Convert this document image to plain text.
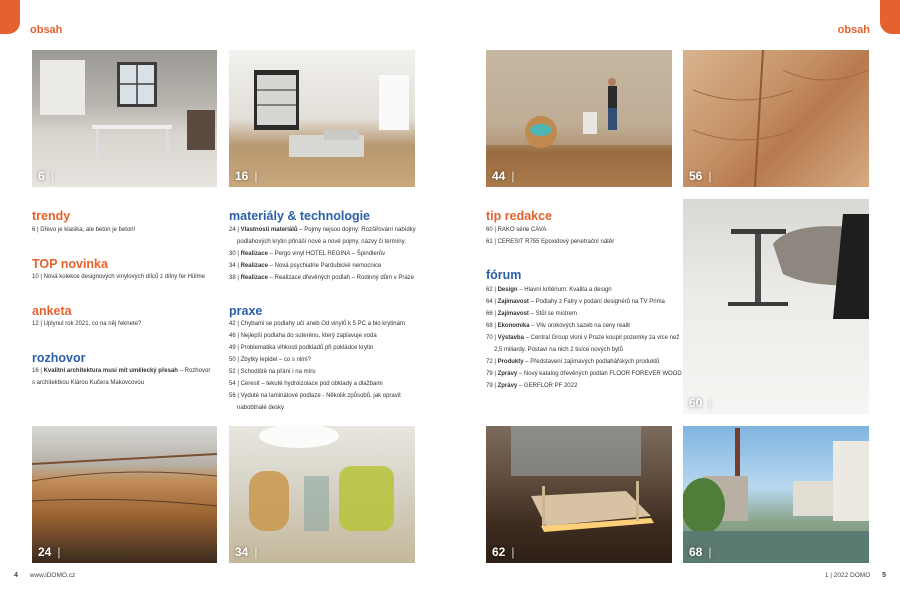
obsah	obsah
6 |	16 |	44 |	56 |
60 |
24 |	34 |	62 |	68 |
trendy
6 | Dřevo je klasika, ale beton je beton!
TOP novinka
10 | Nová kolekce designových vinylových dílců z dílny fer Hülme
anketa
12 | Uplynul rok 2021, co na něj řeknete?
rozhovor
16 | Kvalitní architektura musí mít umělecký přesah – Rozhovor
s architektkou Klárou Kučera Makovcovou
materiály & technologie
24 | Vlastnosti materiálů – Pojmy nejsou dojmy: Rozšiřování nabídky
podlahových krytin přináší nové a nové pojmy, názvy či termíny.
30 | Realizace – Pergo vinyl HOTEL REGINA – Špindlerův
34 | Realizace – Nová psychiatrie Pardubické nemocnice
38 | Realizace – Realizace dřevěných podlah – Rodinný dům v Praze
praxe
42 | Chybami se podlahy učí aneb Od vinylů k 5 PC a bio krytinám
46 | Nejlepší podlaha do suterénu, který zaplavuje voda
49 | Problematika vlhkosti podkladů při pokládce krytin
50 | Zbytky lepidel – co s nimi?
52 | Schodiště na přání i na míru
54 | Ceresit – tekuté hydroizolace pod obklady a dlažbami
56 | Vyduté na laminátové podlaze - Několik způsobů, jak opravit
nabobtnalé desky
tip redakce
60 | RAKO série CAVA
61 | CERESIT R755 Epoxidový penetrační nátěr
fórum
62 | Design – Hlavní kritérium: Kvalita a design
64 | Zajímavost – Podlahy z Fatry v podání designérů na TV Prima
66 | Zajímavost – Stůl se mistrem
68 | Ekonomika – Vliv úrokových sazeb na ceny realit
70 | Výstavba – Central Group vloni v Praze koupil pozemky za více než
2,5 miliardy. Postaví na nich 2 tisíce nových bytů
72 | Produkty – Představení zajímavých podlahářských produktů
79 | Zprávy – Nový katalog dřevěných podlah FLOOR FOREVER WOOD
79 | Zprávy – GERFLOR PF 2022
4 www.iDOMO.cz	1 | 2022 DOMO 5
